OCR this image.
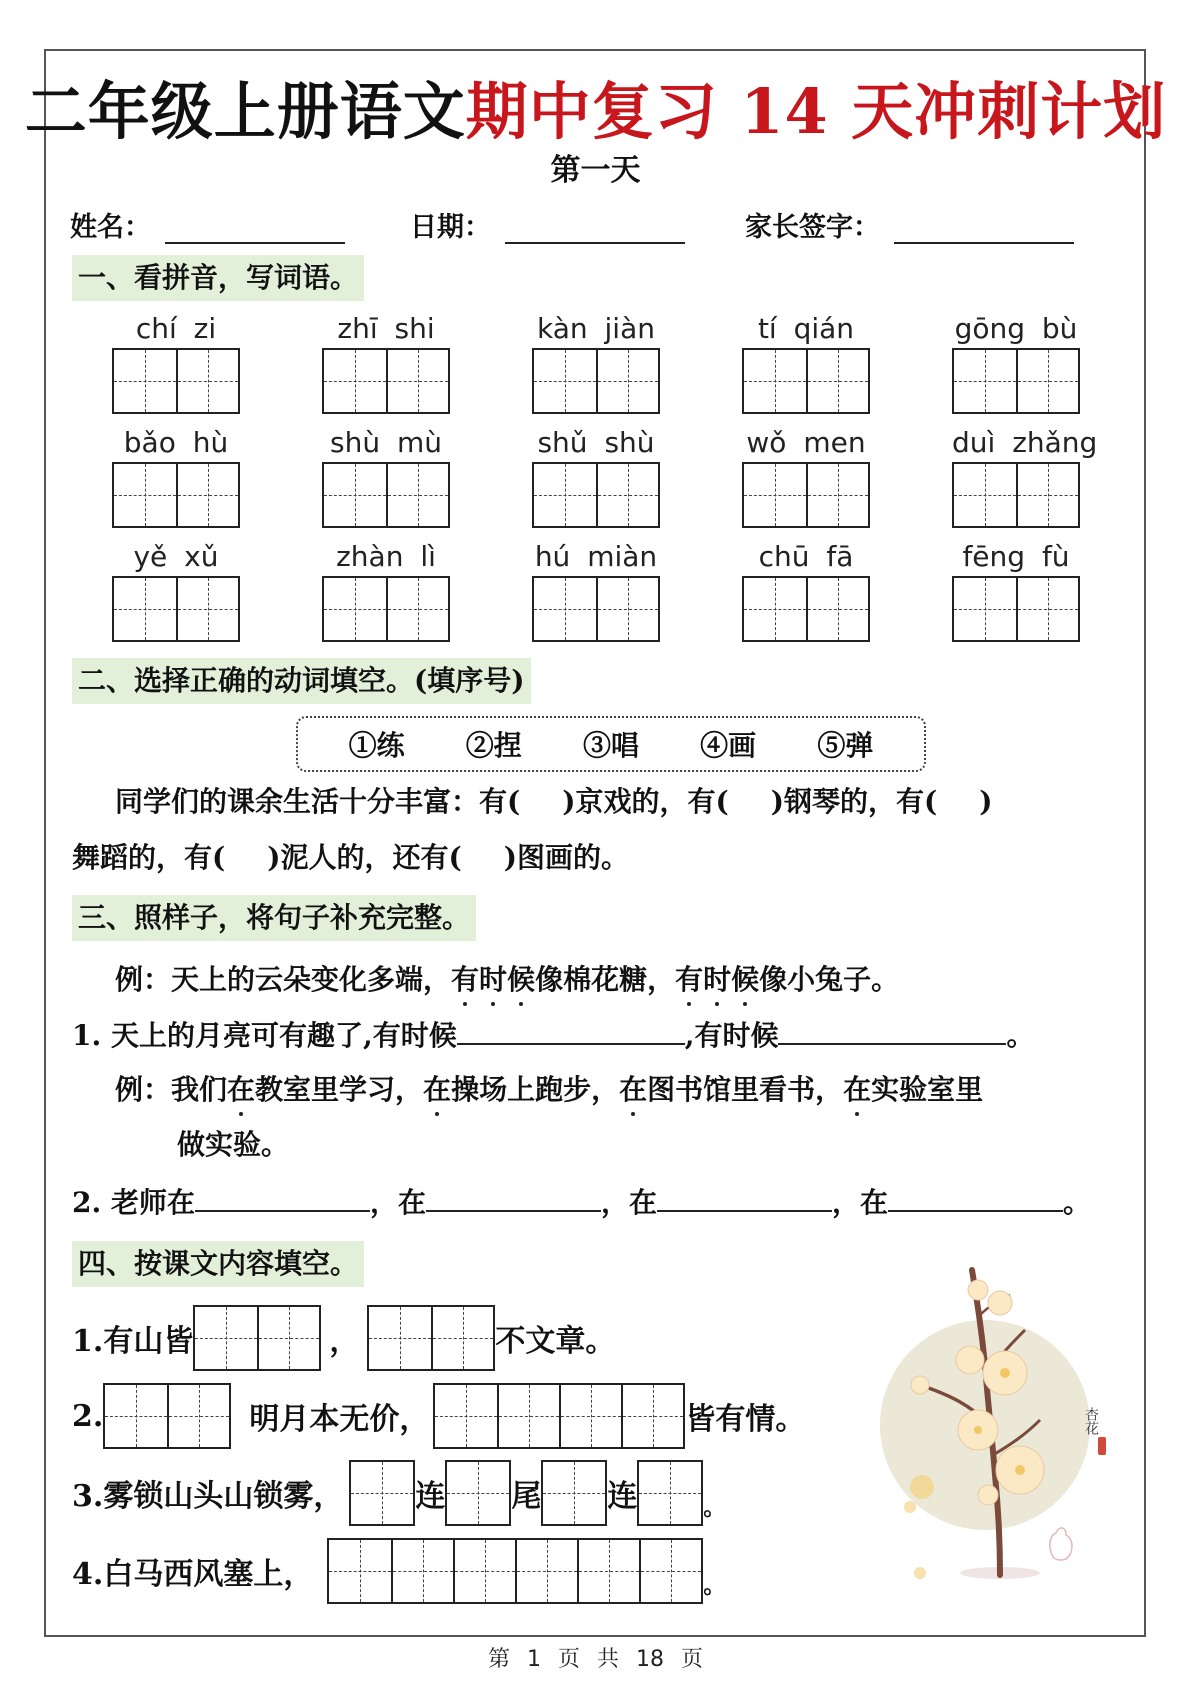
二年级上册语文期中复习 14 天冲刺计划
第一天
姓名：	日期：	家长签字：
一、看拼音，写词语。
chí zi	zhī shi	kàn jiàn	tí qián	gōng bù
bǎo hù	shù mù	shǔ shù	wǒ men	duì zhǎng
yě xǔ	zhàn lì	hú miàn	chū fā	fēng fù
二、选择正确的动词填空。(填序号)
①练 ②捏 ③唱 ④画 ⑤弹
同学们的课余生活十分丰富：有( )京戏的，有( )钢琴的，有( )
舞蹈的，有( )泥人的，还有( )图画的。
三、照样子，将句子补充完整。
例：天上的云朵变化多端，有时候像棉花糖，有时候像小兔子。
1. 天上的月亮可有趣了,有时候	,有时候	。
例：我们在教室里学习，在操场上跑步，在图书馆里看书，在实验室里
做实验。
2. 老师在	，在	，在	，在	。
四、按课文内容填空。
1.有山皆	，	不文章。
2.	明月本无价，	皆有情。
3.雾锁山头山锁雾， 连 尾 连	。
4.白马西风塞上，	。
杏花
第 1 页 共 18 页
